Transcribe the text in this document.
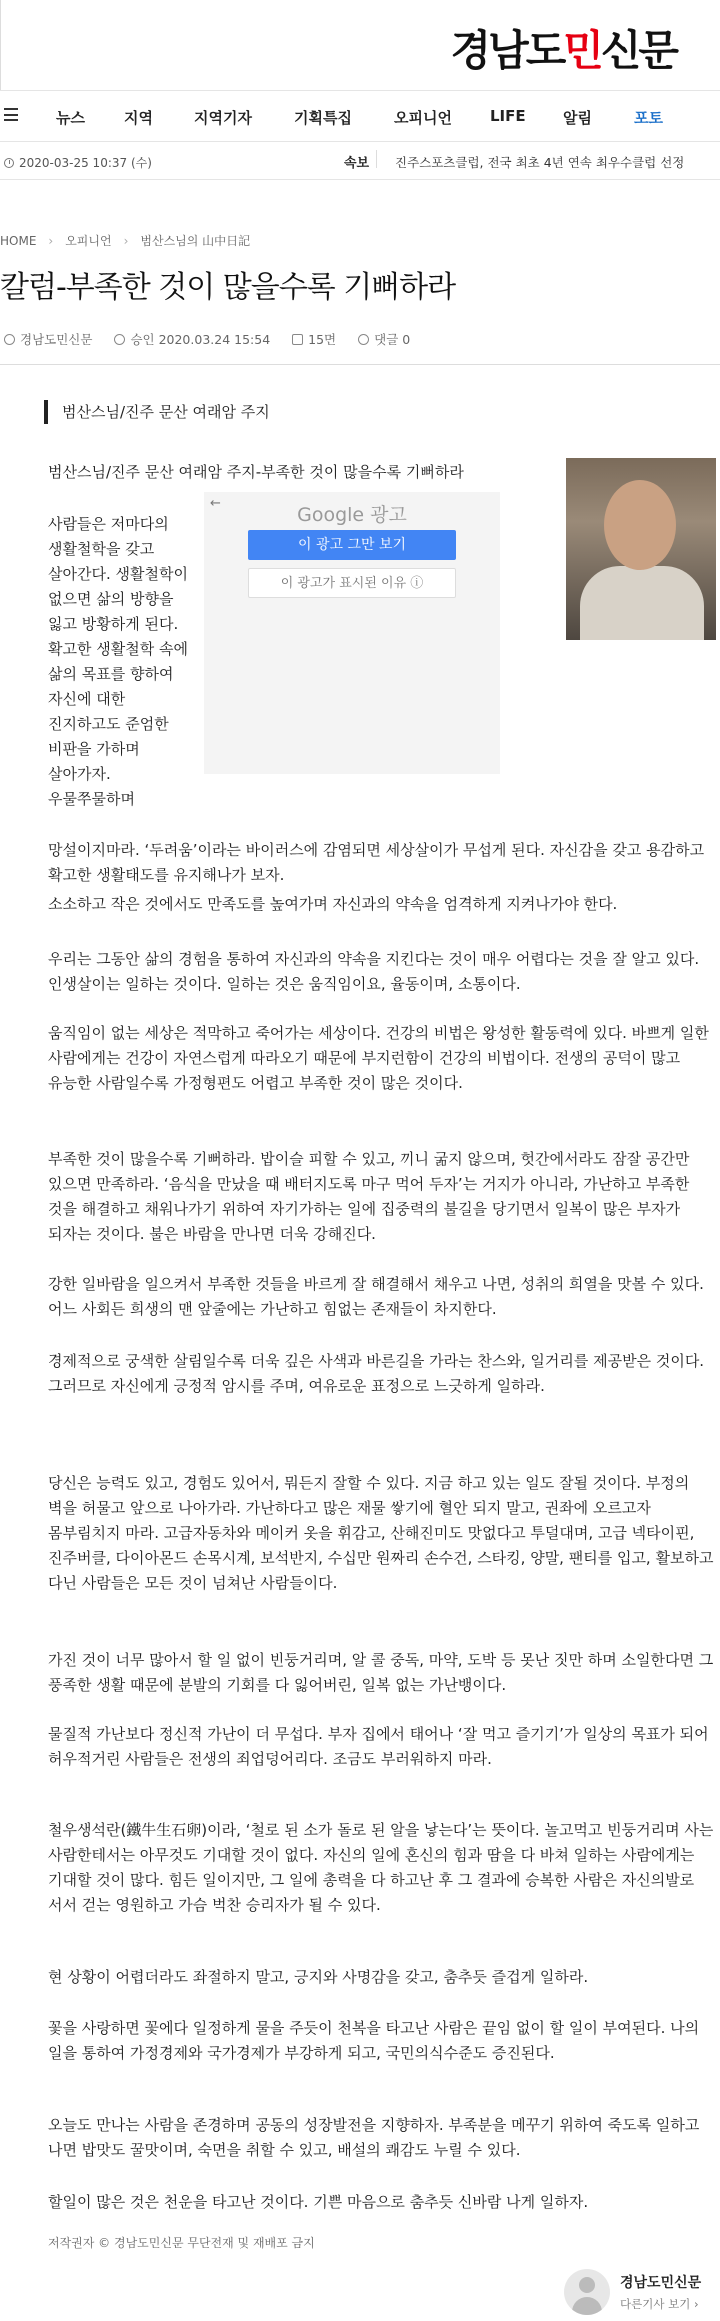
경남도민신문
뉴스	지역	지역기자	기획특집	오피니언	LIFE 알림	포토
2020-03-25 10:37 (수)	속보 진주스포츠클럽, 전국 최초 4년 연속 최우수클럽 선정
HOME › 오피니언 › 범산스님의 山中日記
칼럼-부족한 것이 많을수록 기뻐하라
경남도민신문	승인 2020.03.24 15:54	15면	댓글 0
범산스님/진주 문산 여래암 주지
범산스님/진주 문산 여래암 주지-부족한 것이 많을수록 기뻐하라
←
Google 광고
이 광고 그만 보기
이 광고가 표시된 이유 ⓘ

사람들은 저마다의 생활철학을 갖고 살아간다. 생활철학이 없으면 삶의 방향을 잃고 방황하게 된다. 확고한 생활철학 속에 삶의 목표를 향하여 자신에 대한 진지하고도 준엄한 비판을 가하며 살아가자. 우물쭈물하며

망설이지마라. ‘두려움’이라는 바이러스에 감염되면 세상살이가 무섭게 된다. 자신감을 갖고 용감하고 확고한 생활태도를 유지해나가 보자.

소소하고 작은 것에서도 만족도를 높여가며 자신과의 약속을 엄격하게 지켜나가야 한다.

우리는 그동안 삶의 경험을 통하여 자신과의 약속을 지킨다는 것이 매우 어렵다는 것을 잘 알고 있다. 인생살이는 일하는 것이다. 일하는 것은 움직임이요, 율동이며, 소통이다.

움직임이 없는 세상은 적막하고 죽어가는 세상이다. 건강의 비법은 왕성한 활동력에 있다. 바쁘게 일한 사람에게는 건강이 자연스럽게 따라오기 때문에 부지런함이 건강의 비법이다. 전생의 공덕이 많고 유능한 사람일수록 가정형편도 어렵고 부족한 것이 많은 것이다.

부족한 것이 많을수록 기뻐하라. 밥이슬 피할 수 있고, 끼니 굶지 않으며, 헛간에서라도 잠잘 공간만 있으면 만족하라. ‘음식을 만났을 때 배터지도록 마구 먹어 두자’는 거지가 아니라, 가난하고 부족한 것을 해결하고 채워나가기 위하여 자기가하는 일에 집중력의 불길을 당기면서 일복이 많은 부자가 되자는 것이다. 불은 바람을 만나면 더욱 강해진다.

강한 일바람을 일으켜서 부족한 것들을 바르게 잘 해결해서 채우고 나면, 성취의 희열을 맛볼 수 있다. 어느 사회든 희생의 맨 앞줄에는 가난하고 힘없는 존재들이 차지한다.

경제적으로 궁색한 살림일수록 더욱 깊은 사색과 바른길을 가라는 찬스와, 일거리를 제공받은 것이다. 그러므로 자신에게 긍정적 암시를 주며, 여유로운 표정으로 느긋하게 일하라.

당신은 능력도 있고, 경험도 있어서, 뭐든지 잘할 수 있다. 지금 하고 있는 일도 잘될 것이다. 부정의 벽을 허물고 앞으로 나아가라. 가난하다고 많은 재물 쌓기에 혈안 되지 말고, 권좌에 오르고자 몸부림치지 마라. 고급자동차와 메이커 옷을 휘감고, 산해진미도 맛없다고 투덜대며, 고급 넥타이핀, 진주버클, 다이아몬드 손목시계, 보석반지, 수십만 원짜리 손수건, 스타킹, 양말, 팬티를 입고, 활보하고 다닌 사람들은 모든 것이 넘쳐난 사람들이다.

가진 것이 너무 많아서 할 일 없이 빈둥거리며, 알 콜 중독, 마약, 도박 등 못난 짓만 하며 소일한다면 그 풍족한 생활 때문에 분발의 기회를 다 잃어버린, 일복 없는 가난뱅이다.

물질적 가난보다 정신적 가난이 더 무섭다. 부자 집에서 태어나 ‘잘 먹고 즐기기’가 일상의 목표가 되어 허우적거린 사람들은 전생의 죄업덩어리다. 조금도 부러워하지 마라.

철우생석란(鐵牛生石卵)이라, ‘철로 된 소가 돌로 된 알을 낳는다’는 뜻이다. 놀고먹고 빈둥거리며 사는 사람한테서는 아무것도 기대할 것이 없다. 자신의 일에 혼신의 힘과 땀을 다 바쳐 일하는 사람에게는 기대할 것이 많다. 힘든 일이지만, 그 일에 총력을 다 하고난 후 그 결과에 승복한 사람은 자신의발로 서서 걷는 영원하고 가슴 벅찬 승리자가 될 수 있다.

현 상황이 어렵더라도 좌절하지 말고, 긍지와 사명감을 갖고, 춤추듯 즐겁게 일하라.

꽃을 사랑하면 꽃에다 일정하게 물을 주듯이 천복을 타고난 사람은 끝임 없이 할 일이 부여된다. 나의 일을 통하여 가정경제와 국가경제가 부강하게 되고, 국민의식수준도 증진된다.

오늘도 만나는 사람을 존경하며 공동의 성장발전을 지향하자. 부족분을 메꾸기 위하여 죽도록 일하고 나면 밥맛도 꿀맛이며, 숙면을 취할 수 있고, 배설의 쾌감도 누릴 수 있다.

할일이 많은 것은 천운을 타고난 것이다. 기쁜 마음으로 춤추듯 신바람 나게 일하자.

저작권자 © 경남도민신문 무단전재 및 재배포 금지
경남도민신문
다른기사 보기 ›
